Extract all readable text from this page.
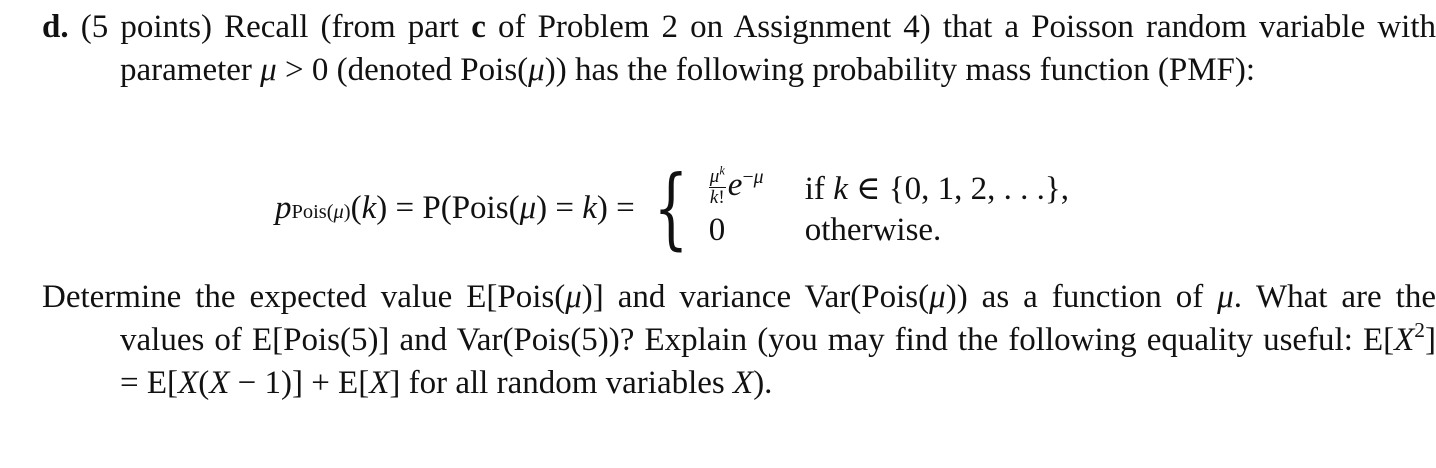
d. (5 points) Recall (from part c of Problem 2 on Assignment 4) that a Poisson random variable with parameter μ > 0 (denoted Pois(μ)) has the following probability mass function (PMF):
p Pois(μ) ( k ) = P(Pois( μ ) = k ) = { $\frac{\mu^k}{k!} e^{-\mu}$	if k ∈ {0, 1, 2, . . .},
0	otherwise.
Determine the expected value E[Pois(μ)] and variance Var(Pois(μ)) as a function of μ. What are the values of E[Pois(5)] and Var(Pois(5))? Explain (you may find the following equality useful: $E[X^2] = E[X(X - 1)] + E[X]$ for all random variables X).
